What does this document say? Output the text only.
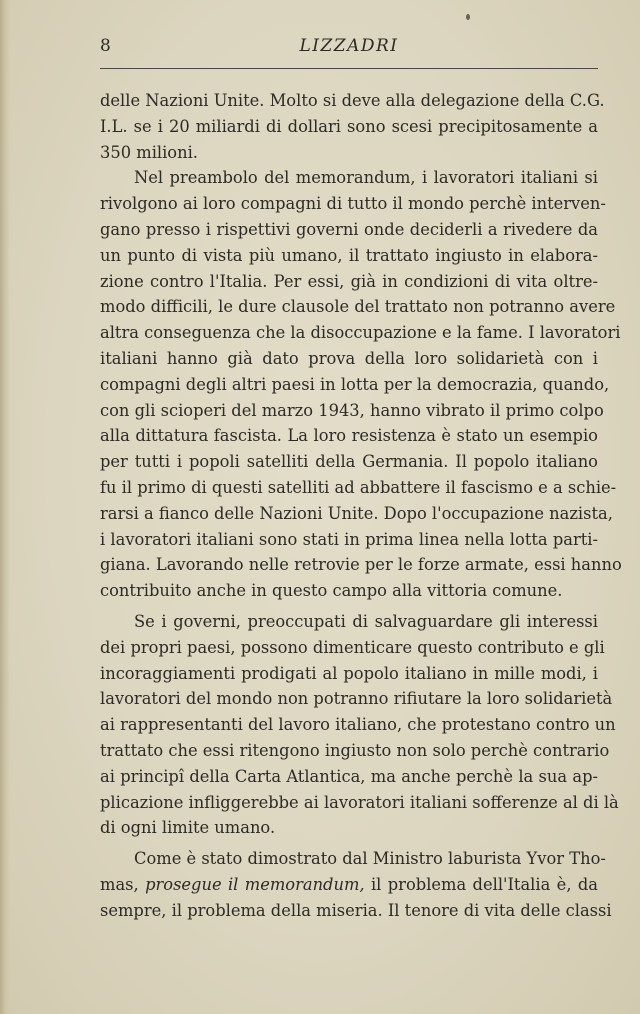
8	LIZZADRI
delle Nazioni Unite. Molto si deve alla delegazione della C.G.
I.L. se i 20 miliardi di dollari sono scesi precipitosamente a
350 milioni.
Nel preambolo del memorandum, i lavoratori italiani si
rivolgono ai loro compagni di tutto il mondo perchè interven-
gano presso i rispettivi governi onde deciderli a rivedere da
un punto di vista più umano, il trattato ingiusto in elabora-
zione contro l'Italia. Per essi, già in condizioni di vita oltre-
modo difficili, le dure clausole del trattato non potranno avere
altra conseguenza che la disoccupazione e la fame. I lavoratori
italiani hanno già dato prova della loro solidarietà con i
compagni degli altri paesi in lotta per la democrazia, quando,
con gli scioperi del marzo 1943, hanno vibrato il primo colpo
alla dittatura fascista. La loro resistenza è stato un esempio
per tutti i popoli satelliti della Germania. Il popolo italiano
fu il primo di questi satelliti ad abbattere il fascismo e a schie-
rarsi a fianco delle Nazioni Unite. Dopo l'occupazione nazista,
i lavoratori italiani sono stati in prima linea nella lotta parti-
giana. Lavorando nelle retrovie per le forze armate, essi hanno
contribuito anche in questo campo alla vittoria comune.
Se i governi, preoccupati di salvaguardare gli interessi
dei propri paesi, possono dimenticare questo contributo e gli
incoraggiamenti prodigati al popolo italiano in mille modi, i
lavoratori del mondo non potranno rifiutare la loro solidarietà
ai rappresentanti del lavoro italiano, che protestano contro un
trattato che essi ritengono ingiusto non solo perchè contrario
ai principî della Carta Atlantica, ma anche perchè la sua ap-
plicazione infliggerebbe ai lavoratori italiani sofferenze al di là
di ogni limite umano.
Come è stato dimostrato dal Ministro laburista Yvor Tho-
mas, prosegue il memorandum, il problema dell'Italia è, da
sempre, il problema della miseria. Il tenore di vita delle classi
